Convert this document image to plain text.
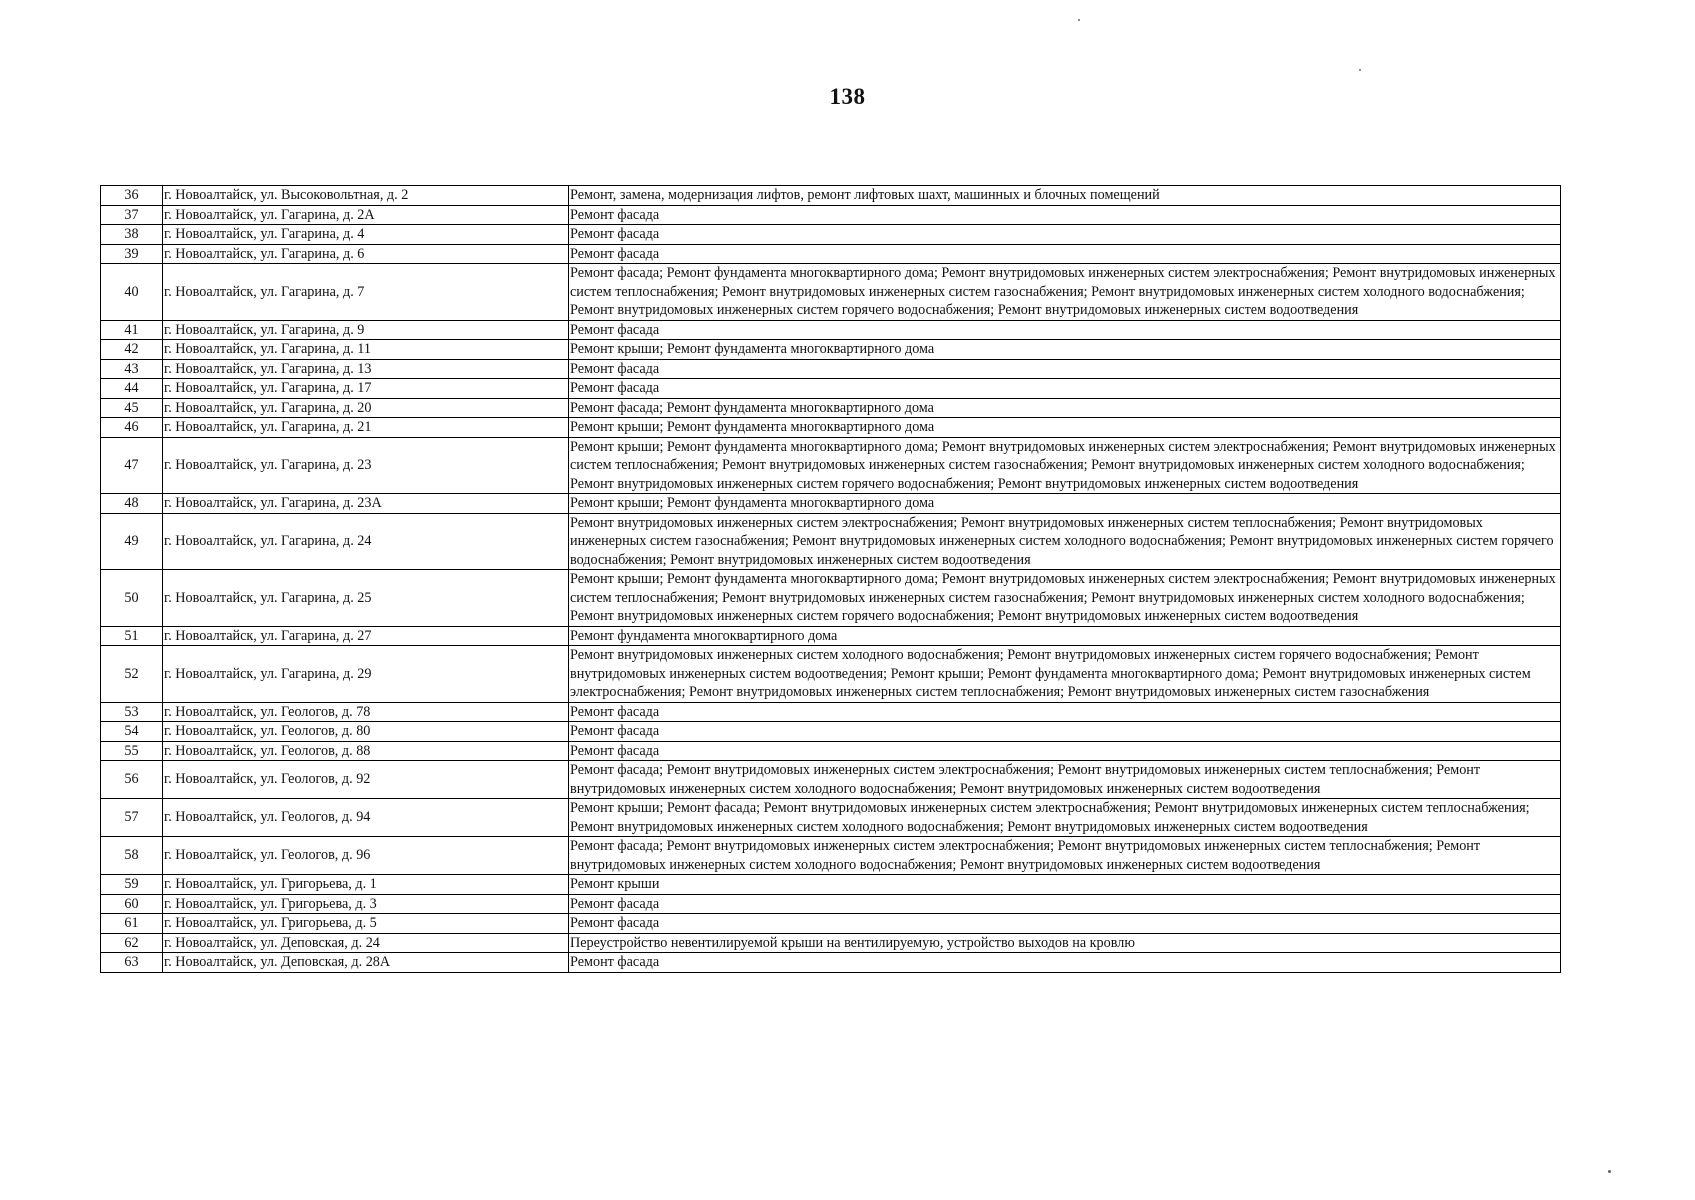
138
36	г. Новоалтайск, ул. Высоковольтная, д. 2	Ремонт, замена, модернизация лифтов, ремонт лифтовых шахт, машинных и блочных помещений
37	г. Новоалтайск, ул. Гагарина, д. 2А	Ремонт фасада
38	г. Новоалтайск, ул. Гагарина, д. 4	Ремонт фасада
39	г. Новоалтайск, ул. Гагарина, д. 6	Ремонт фасада
40	г. Новоалтайск, ул. Гагарина, д. 7	Ремонт фасада; Ремонт фундамента многоквартирного дома; Ремонт внутридомовых инженерных систем электроснабжения; Ремонт внутридомовых инженерных систем теплоснабжения; Ремонт внутридомовых инженерных систем газоснабжения; Ремонт внутридомовых инженерных систем холодного водоснабжения; Ремонт внутридомовых инженерных систем горячего водоснабжения; Ремонт внутридомовых инженерных систем водоотведения
41	г. Новоалтайск, ул. Гагарина, д. 9	Ремонт фасада
42	г. Новоалтайск, ул. Гагарина, д. 11	Ремонт крыши; Ремонт фундамента многоквартирного дома
43	г. Новоалтайск, ул. Гагарина, д. 13	Ремонт фасада
44	г. Новоалтайск, ул. Гагарина, д. 17	Ремонт фасада
45	г. Новоалтайск, ул. Гагарина, д. 20	Ремонт фасада; Ремонт фундамента многоквартирного дома
46	г. Новоалтайск, ул. Гагарина, д. 21	Ремонт крыши; Ремонт фундамента многоквартирного дома
47	г. Новоалтайск, ул. Гагарина, д. 23	Ремонт крыши; Ремонт фундамента многоквартирного дома; Ремонт внутридомовых инженерных систем электроснабжения; Ремонт внутридомовых инженерных систем теплоснабжения; Ремонт внутридомовых инженерных систем газоснабжения; Ремонт внутридомовых инженерных систем холодного водоснабжения; Ремонт внутридомовых инженерных систем горячего водоснабжения; Ремонт внутридомовых инженерных систем водоотведения
48	г. Новоалтайск, ул. Гагарина, д. 23А	Ремонт крыши; Ремонт фундамента многоквартирного дома
49	г. Новоалтайск, ул. Гагарина, д. 24	Ремонт внутридомовых инженерных систем электроснабжения; Ремонт внутридомовых инженерных систем теплоснабжения; Ремонт внутридомовых инженерных систем газоснабжения; Ремонт внутридомовых инженерных систем холодного водоснабжения; Ремонт внутридомовых инженерных систем горячего водоснабжения; Ремонт внутридомовых инженерных систем водоотведения
50	г. Новоалтайск, ул. Гагарина, д. 25	Ремонт крыши; Ремонт фундамента многоквартирного дома; Ремонт внутридомовых инженерных систем электроснабжения; Ремонт внутридомовых инженерных систем теплоснабжения; Ремонт внутридомовых инженерных систем газоснабжения; Ремонт внутридомовых инженерных систем холодного водоснабжения; Ремонт внутридомовых инженерных систем горячего водоснабжения; Ремонт внутридомовых инженерных систем водоотведения
51	г. Новоалтайск, ул. Гагарина, д. 27	Ремонт фундамента многоквартирного дома
52	г. Новоалтайск, ул. Гагарина, д. 29	Ремонт внутридомовых инженерных систем холодного водоснабжения; Ремонт внутридомовых инженерных систем горячего водоснабжения; Ремонт внутридомовых инженерных систем водоотведения; Ремонт крыши; Ремонт фундамента многоквартирного дома; Ремонт внутридомовых инженерных систем электроснабжения; Ремонт внутридомовых инженерных систем теплоснабжения; Ремонт внутридомовых инженерных систем газоснабжения
53	г. Новоалтайск, ул. Геологов, д. 78	Ремонт фасада
54	г. Новоалтайск, ул. Геологов, д. 80	Ремонт фасада
55	г. Новоалтайск, ул. Геологов, д. 88	Ремонт фасада
56	г. Новоалтайск, ул. Геологов, д. 92	Ремонт фасада; Ремонт внутридомовых инженерных систем электроснабжения; Ремонт внутридомовых инженерных систем теплоснабжения; Ремонт внутридомовых инженерных систем холодного водоснабжения; Ремонт внутридомовых инженерных систем водоотведения
57	г. Новоалтайск, ул. Геологов, д. 94	Ремонт крыши; Ремонт фасада; Ремонт внутридомовых инженерных систем электроснабжения; Ремонт внутридомовых инженерных систем теплоснабжения; Ремонт внутридомовых инженерных систем холодного водоснабжения; Ремонт внутридомовых инженерных систем водоотведения
58	г. Новоалтайск, ул. Геологов, д. 96	Ремонт фасада; Ремонт внутридомовых инженерных систем электроснабжения; Ремонт внутридомовых инженерных систем теплоснабжения; Ремонт внутридомовых инженерных систем холодного водоснабжения; Ремонт внутридомовых инженерных систем водоотведения
59	г. Новоалтайск, ул. Григорьева, д. 1	Ремонт крыши
60	г. Новоалтайск, ул. Григорьева, д. 3	Ремонт фасада
61	г. Новоалтайск, ул. Григорьева, д. 5	Ремонт фасада
62	г. Новоалтайск, ул. Деповская, д. 24	Переустройство невентилируемой крыши на вентилируемую, устройство выходов на кровлю
63	г. Новоалтайск, ул. Деповская, д. 28А	Ремонт фасада
